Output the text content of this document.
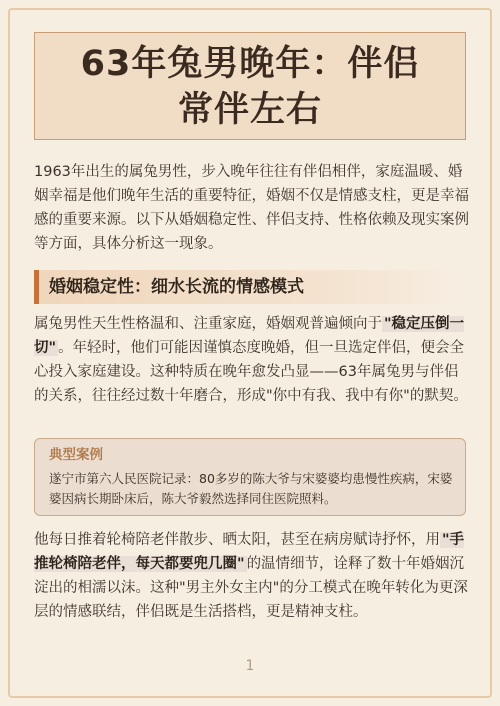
63年兔男晚年：伴侣
常伴左右

1963年出生的属兔男性，步入晚年往往有伴侣相伴，家庭温暖、婚姻幸福是他们晚年生活的重要特征，婚姻不仅是情感支柱，更是幸福感的重要来源。以下从婚姻稳定性、伴侣支持、性格依赖及现实案例等方面，具体分析这一现象。

婚姻稳定性：细水长流的情感模式

属兔男性天生性格温和、注重家庭，婚姻观普遍倾向于 "稳定压倒一切" 。年轻时，他们可能因谨慎态度晚婚，但一旦选定伴侣，便会全心投入家庭建设。这种特质在晚年愈发凸显——63年属兔男与伴侣的关系，往往经过数十年磨合，形成"你中有我、我中有你"的默契。

典型案例
遂宁市第六人民医院记录：80多岁的陈大爷与宋婆婆均患慢性疾病，宋婆婆因病长期卧床后，陈大爷毅然选择同住医院照料。

他每日推着轮椅陪老伴散步、晒太阳，甚至在病房赋诗抒怀，用 "手推轮椅陪老伴，每天都要兜几圈" 的温情细节，诠释了数十年婚姻沉淀出的相濡以沫。这种"男主外女主内"的分工模式在晚年转化为更深层的情感联结，伴侣既是生活搭档，更是精神支柱。

1
